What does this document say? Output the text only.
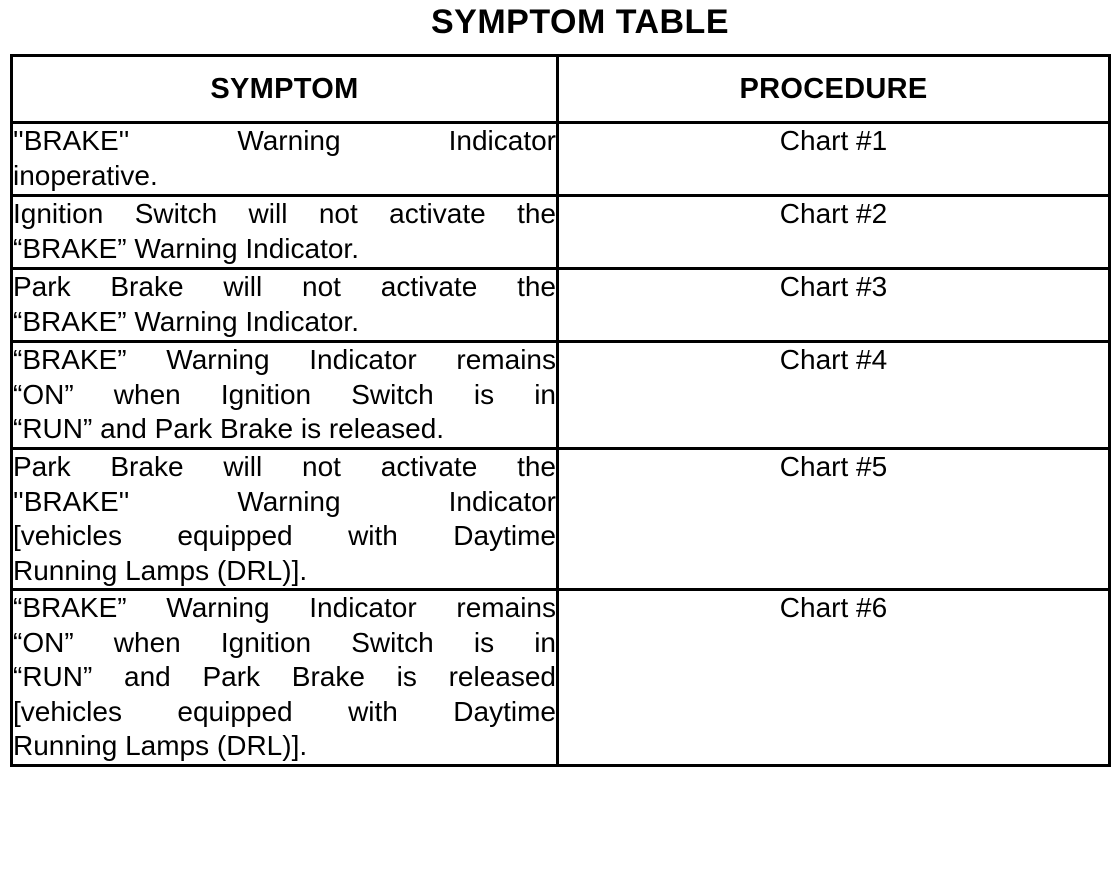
SYMPTOM TABLE
SYMPTOM	PROCEDURE

''BRAKE'' Warning Indicator
inoperative.	Chart #1

Ignition Switch will not activate the
“BRAKE” Warning Indicator.	Chart #2

Park Brake will not activate the
“BRAKE” Warning Indicator.	Chart #3

“BRAKE” Warning Indicator remains
“ON” when Ignition Switch is in
“RUN” and Park Brake is released.	Chart #4

Park Brake will not activate the
''BRAKE'' Warning Indicator
[vehicles equipped with Daytime
Running Lamps (DRL)].	Chart #5

“BRAKE” Warning Indicator remains
“ON” when Ignition Switch is in
“RUN” and Park Brake is released
[vehicles equipped with Daytime
Running Lamps (DRL)].	Chart #6
